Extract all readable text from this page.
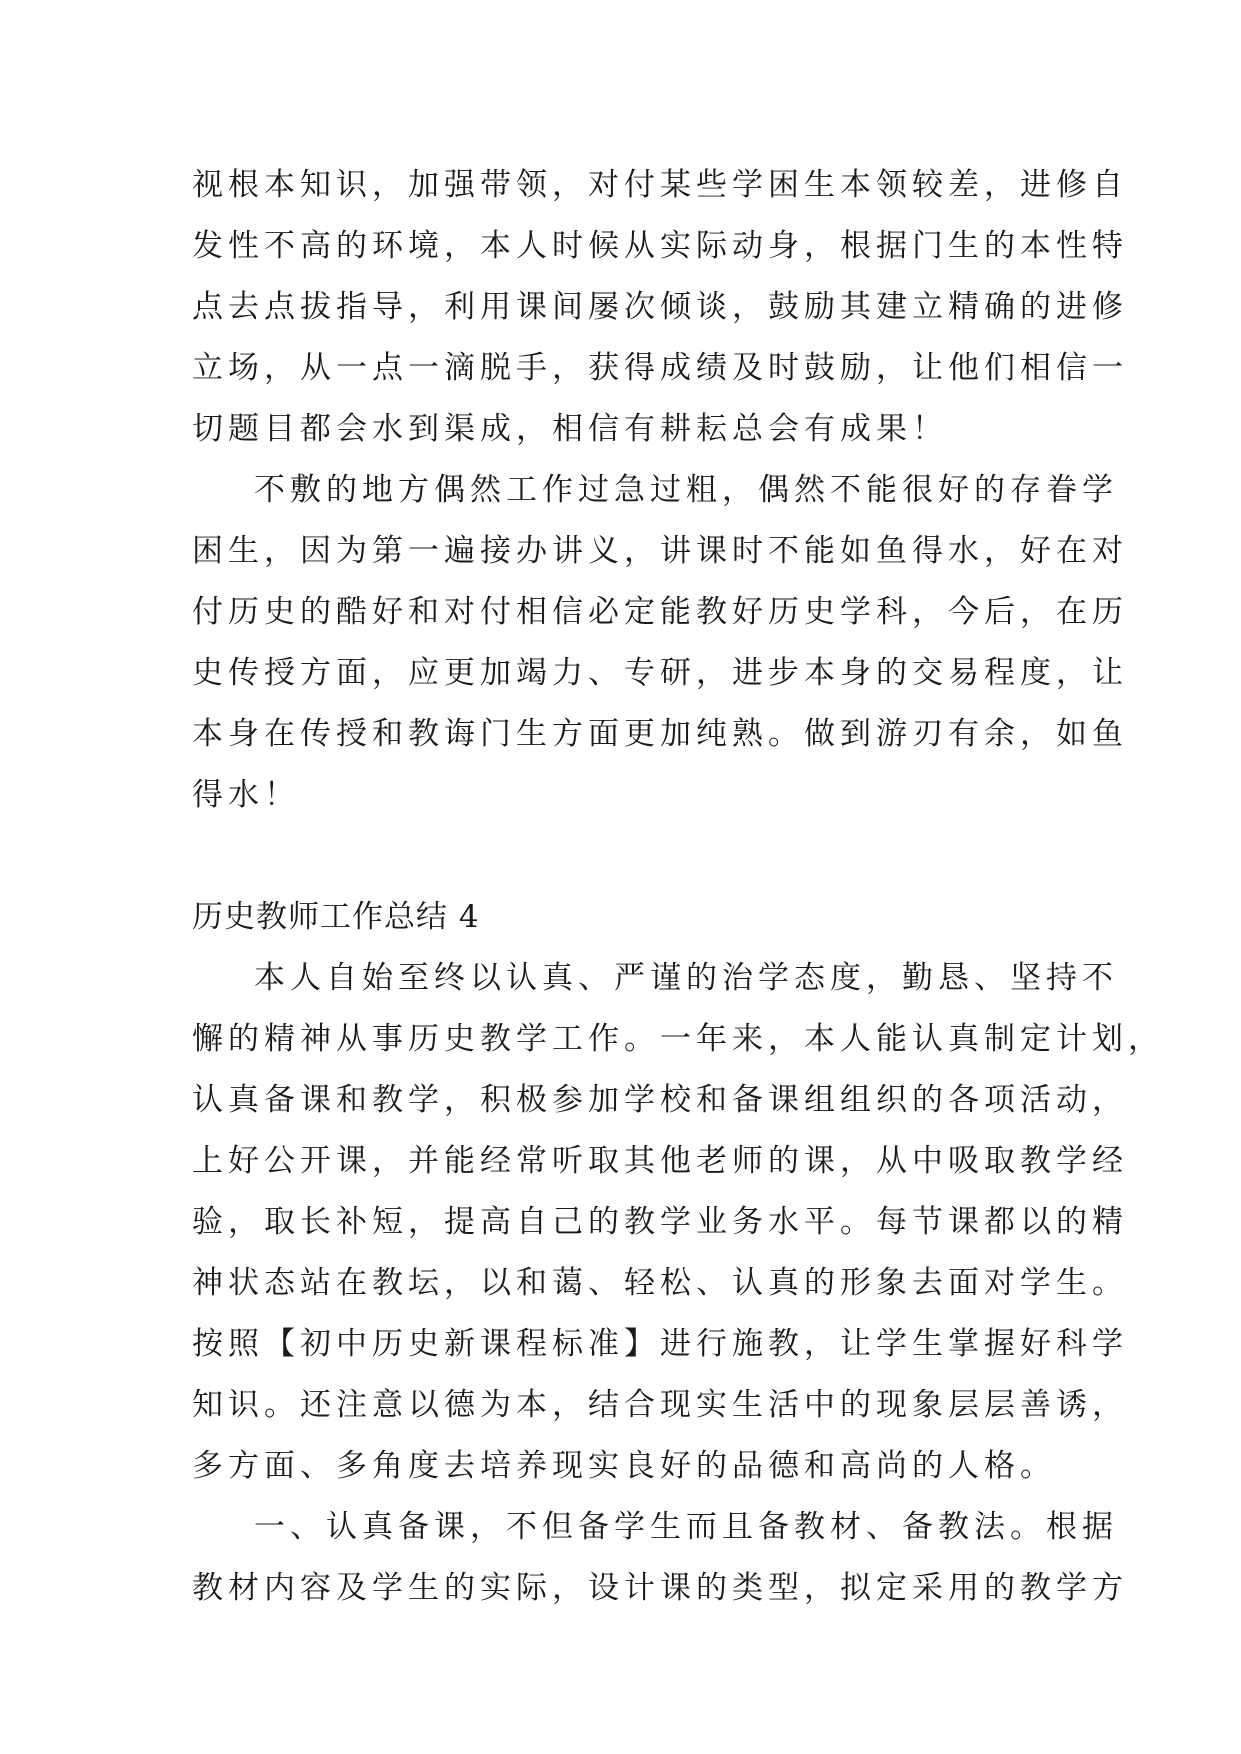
视根本知识，加强带领，对付某些学困生本领较差，进修自
发性不高的环境，本人时候从实际动身，根据门生的本性特
点去点拔指导，利用课间屡次倾谈，鼓励其建立精确的进修
立场，从一点一滴脱手，获得成绩及时鼓励，让他们相信一
切题目都会水到渠成，相信有耕耘总会有成果！

不敷的地方偶然工作过急过粗，偶然不能很好的存眷学
困生，因为第一遍接办讲义，讲课时不能如鱼得水，好在对
付历史的酷好和对付相信必定能教好历史学科，今后，在历
史传授方面，应更加竭力、专研，进步本身的交易程度，让
本身在传授和教诲门生方面更加纯熟。做到游刃有余，如鱼
得水！

历史教师工作总结 4

本人自始至终以认真、严谨的治学态度，勤恳、坚持不
懈的精神从事历史教学工作。一年来，本人能认真制定计划，
认真备课和教学，积极参加学校和备课组组织的各项活动，
上好公开课，并能经常听取其他老师的课，从中吸取教学经
验，取长补短，提高自己的教学业务水平。每节课都以的精
神状态站在教坛，以和蔼、轻松、认真的形象去面对学生。
按照【初中历史新课程标准】进行施教，让学生掌握好科学
知识。还注意以德为本，结合现实生活中的现象层层善诱，
多方面、多角度去培养现实良好的品德和高尚的人格。

一、认真备课，不但备学生而且备教材、备教法。根据
教材内容及学生的实际，设计课的类型，拟定采用的教学方
